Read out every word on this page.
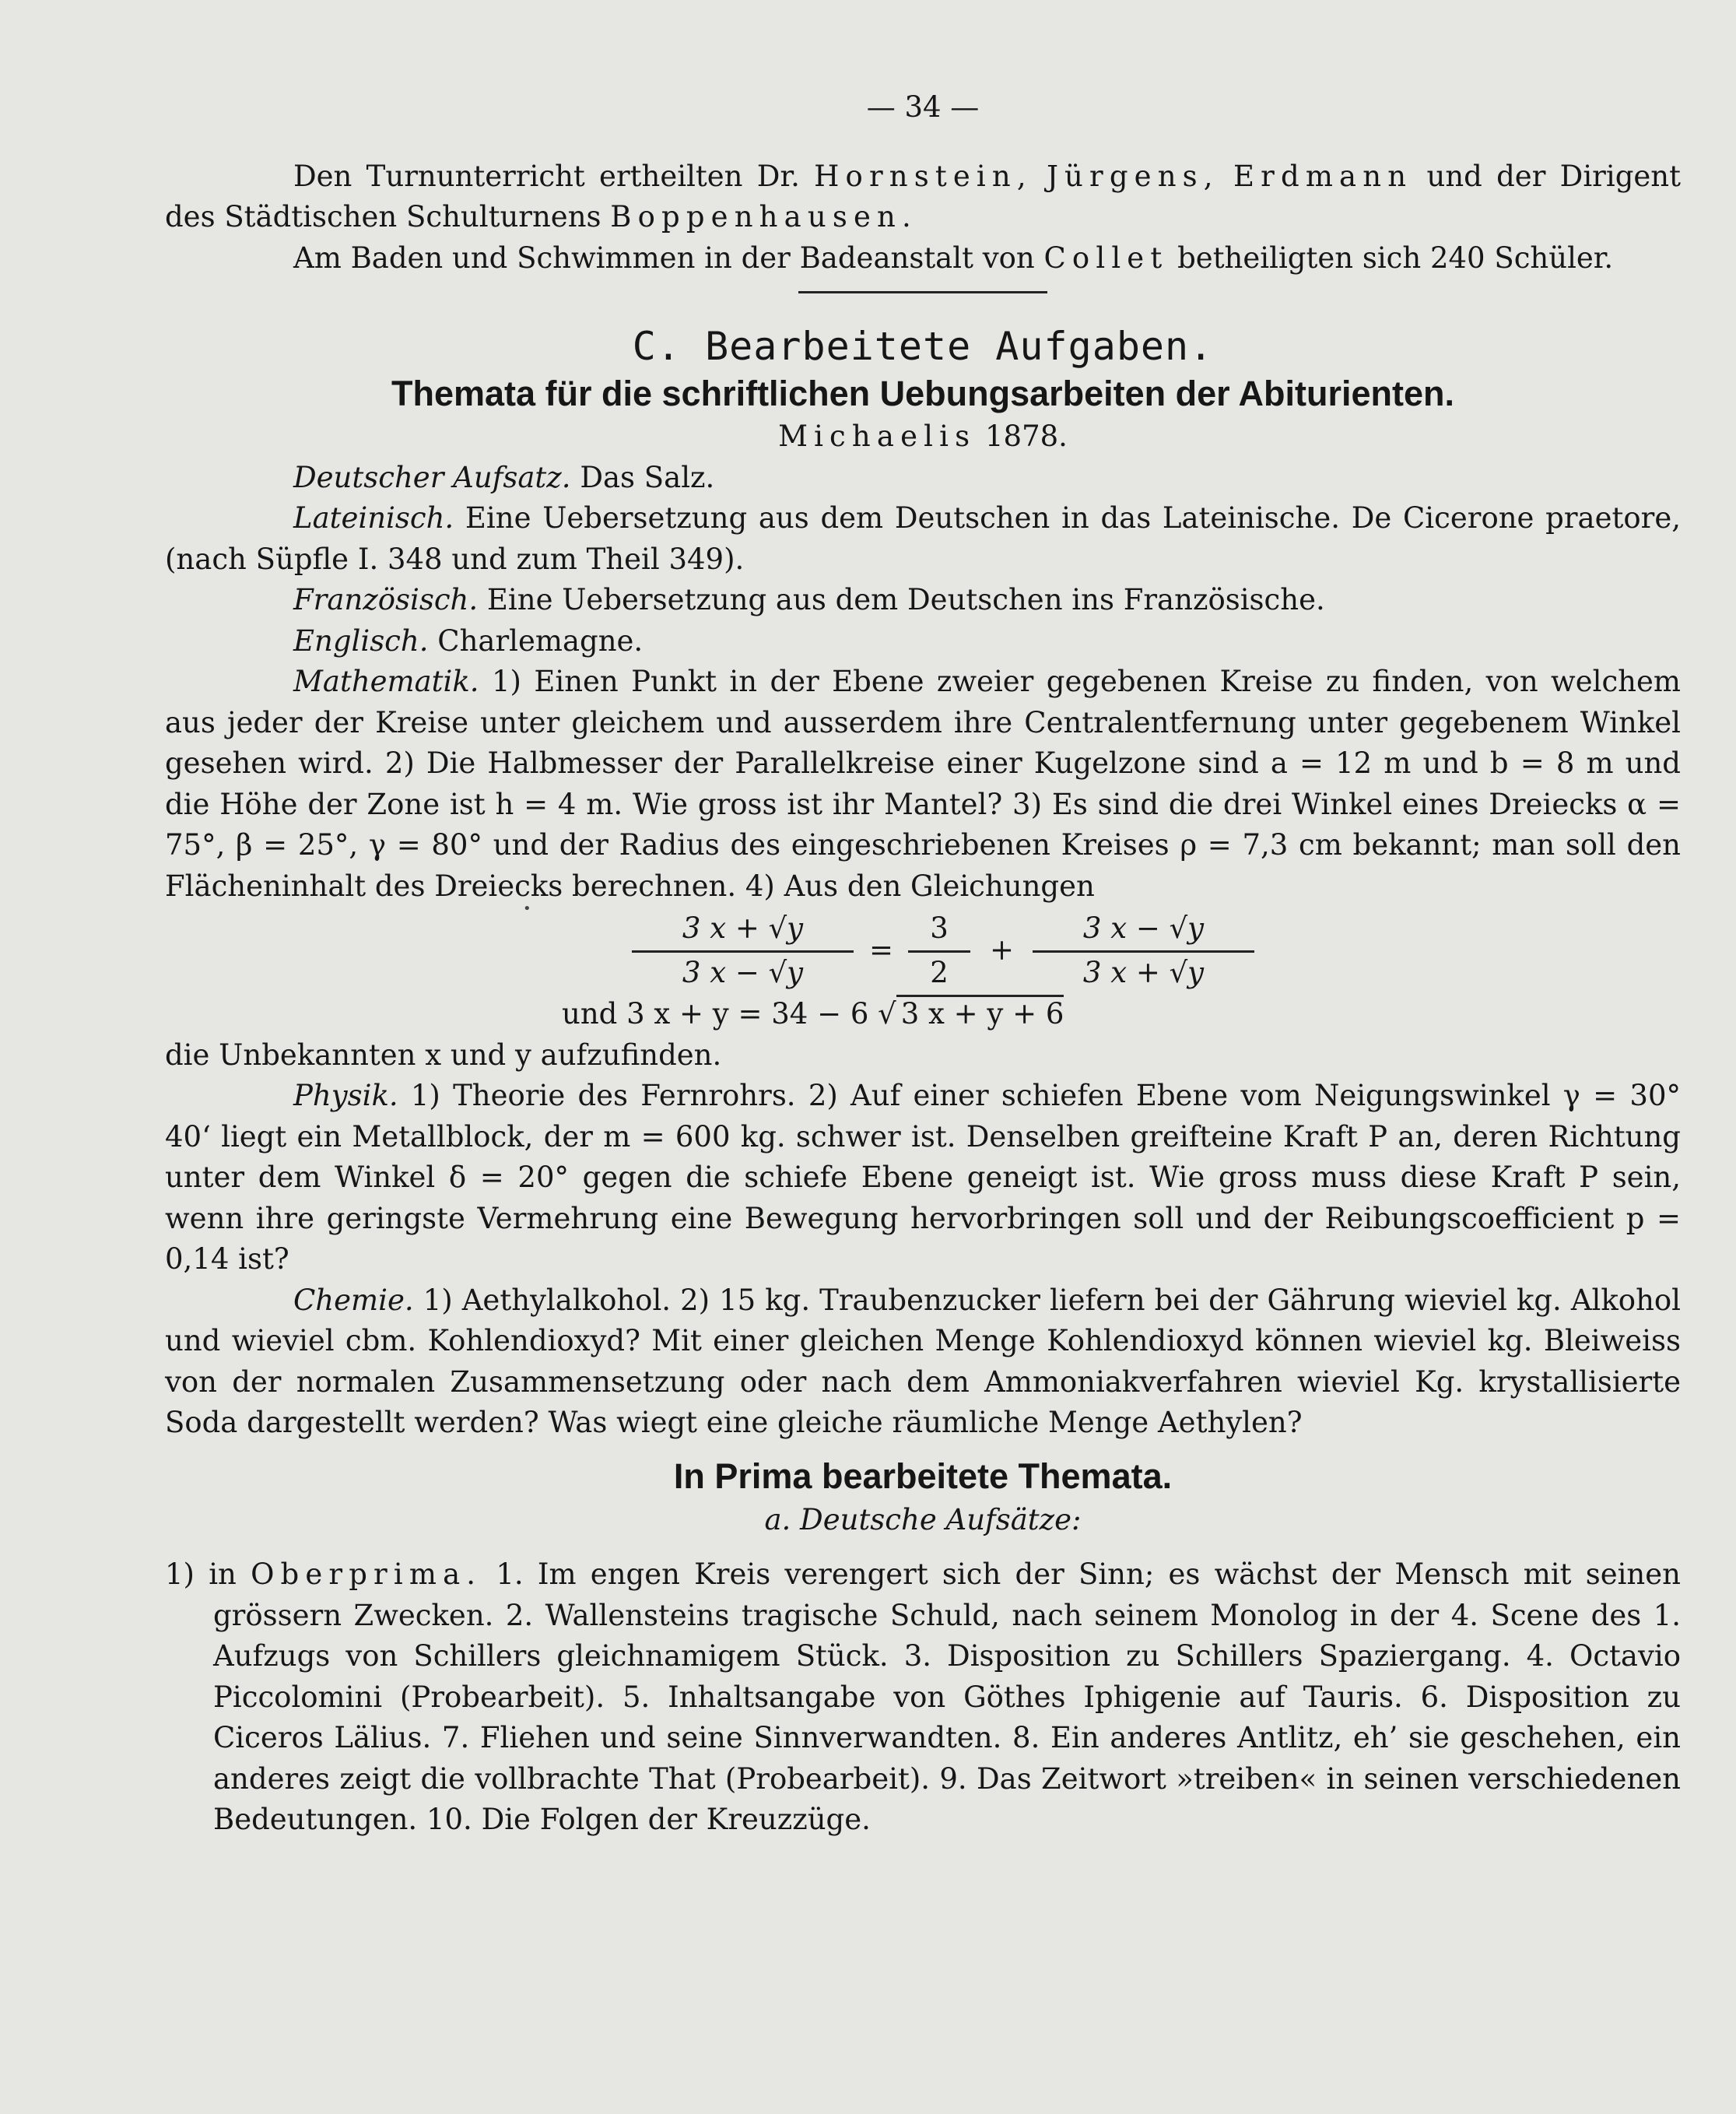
— 34 —

Den Turnunterricht ertheilten Dr. Hornstein, Jürgens, Erdmann und der Dirigent des Städtischen Schulturnens Boppenhausen.

Am Baden und Schwimmen in der Badeanstalt von Collet betheiligten sich 240 Schüler.

C. Bearbeitete Aufgaben.

Themata für die schriftlichen Uebungsarbeiten der Abiturienten.

Michaelis 1878.

Deutscher Aufsatz. Das Salz.

Lateinisch. Eine Uebersetzung aus dem Deutschen in das Lateinische. De Cicerone praetore, (nach Süpfle I. 348 und zum Theil 349).

Französisch. Eine Uebersetzung aus dem Deutschen ins Französische.

Englisch. Charlemagne.

Mathematik. 1) Einen Punkt in der Ebene zweier gegebenen Kreise zu finden, von welchem aus jeder der Kreise unter gleichem und ausserdem ihre Centralentfernung unter gegebenem Winkel gesehen wird. 2) Die Halbmesser der Parallelkreise einer Kugelzone sind a = 12 m und b = 8 m und die Höhe der Zone ist h = 4 m. Wie gross ist ihr Mantel? 3) Es sind die drei Winkel eines Dreiecks α = 75°, β = 25°, γ = 80° und der Radius des eingeschriebenen Kreises ρ = 7,3 cm bekannt; man soll den Flächeninhalt des Dreiecks berechnen. 4) Aus den Gleichungen

•
$\frac{3 x + √y}{3 x - √y} = \frac{3}{2} + \frac{3 x - √y}{3 x + √y}$

und 3 x + y = 34 − 6 √ 3 x + y + 6

die Unbekannten x und y aufzufinden.

Physik. 1) Theorie des Fernrohrs. 2) Auf einer schiefen Ebene vom Neigungswinkel γ = 30° 40‘ liegt ein Metallblock, der m = 600 kg. schwer ist. Denselben greifteine Kraft P an, deren Richtung unter dem Winkel δ = 20° gegen die schiefe Ebene geneigt ist. Wie gross muss diese Kraft P sein, wenn ihre geringste Vermehrung eine Bewegung hervorbringen soll und der Reibungscoefficient p = 0,14 ist?

Chemie. 1) Aethylalkohol. 2) 15 kg. Traubenzucker liefern bei der Gährung wieviel kg. Alkohol und wieviel cbm. Kohlendioxyd? Mit einer gleichen Menge Kohlendioxyd können wieviel kg. Bleiweiss von der normalen Zusammensetzung oder nach dem Ammoniakverfahren wieviel Kg. krystallisierte Soda dargestellt werden? Was wiegt eine gleiche räumliche Menge Aethylen?

In Prima bearbeitete Themata.

a. Deutsche Aufsätze:

1) in Oberprima. 1. Im engen Kreis verengert sich der Sinn; es wächst der Mensch mit seinen grössern Zwecken. 2. Wallensteins tragische Schuld, nach seinem Monolog in der 4. Scene des 1. Aufzugs von Schillers gleichnamigem Stück. 3. Disposition zu Schillers Spaziergang. 4. Octavio Piccolomini (Probearbeit). 5. Inhaltsangabe von Göthes Iphigenie auf Tauris. 6. Disposition zu Ciceros Lälius. 7. Fliehen und seine Sinnverwandten. 8. Ein anderes Antlitz, eh’ sie geschehen, ein anderes zeigt die vollbrachte That (Probearbeit). 9. Das Zeitwort »treiben« in seinen verschiedenen Bedeutungen. 10. Die Folgen der Kreuzzüge.
